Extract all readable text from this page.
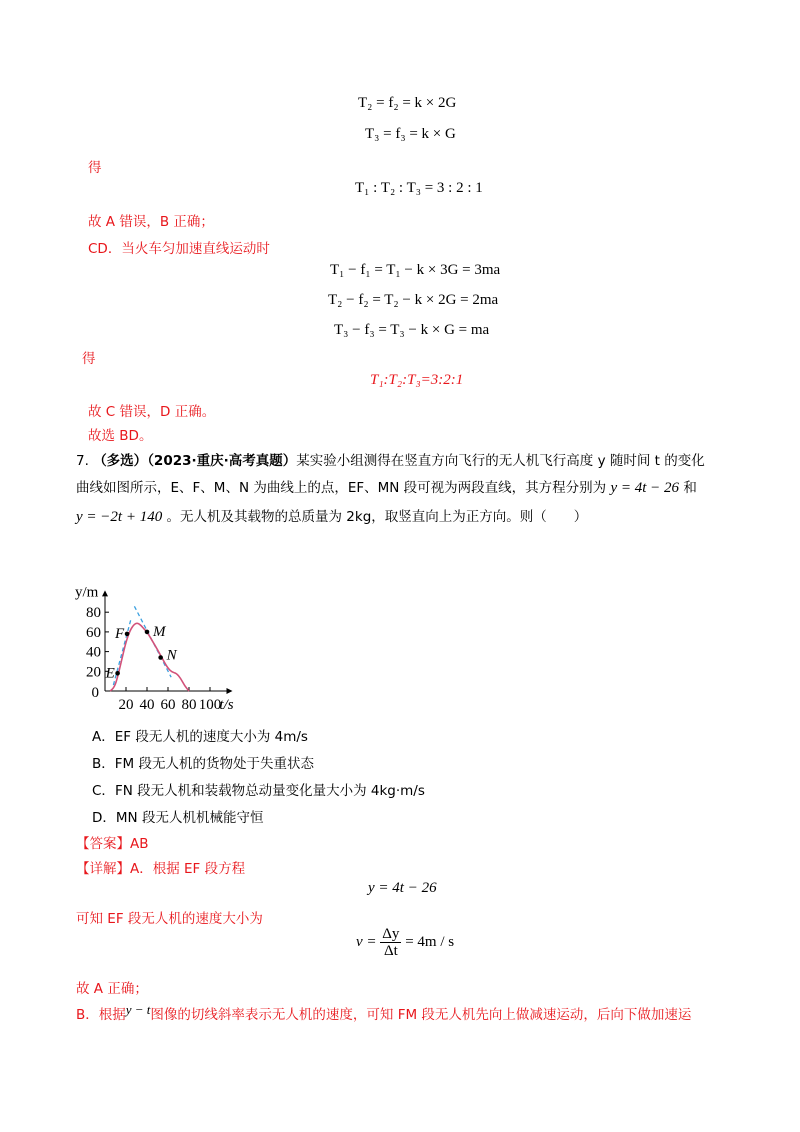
T₂ = f₂ = k × 2G
T₃ = f₃ = k × G
得
T₁ : T₂ : T₃ = 3 : 2 : 1
故 A 错误，B 正确；
CD．当火车匀加速直线运动时
T₁ − f₁ = T₁ − k × 3G = 3ma
T₂ − f₂ = T₂ − k × 2G = 2ma
T₃ − f₃ = T₃ − k × G = ma
得
T₁:T₂:T₃=3:2:1
故 C 错误，D 正确。
故选 BD。
7. （多选）（2023·重庆·高考真题）某实验小组测得在竖直方向飞行的无人机飞行高度 y 随时间 t 的变化
曲线如图所示，E、F、M、N 为曲线上的点，EF、MN 段可视为两段直线，其方程分别为 y = 4t − 26 和
y = −2t + 140 。无人机及其载物的总质量为 2kg，取竖直向上为正方向。则（　　）
20 40 60 80 100
20
40
60
80
0
t/s
y/m
E
F M
N
A．EF 段无人机的速度大小为 4m/s
B．FM 段无人机的货物处于失重状态
C．FN 段无人机和装载物总动量变化量大小为 4kg·m/s
D．MN 段无人机机械能守恒
【答案】AB
【详解】A．根据 EF 段方程
y = 4t − 26
可知 EF 段无人机的速度大小为
$v = \frac{\Delta y}{\Delta t} = 4m / s$
故 A 正确；
B．根据y − t图像的切线斜率表示无人机的速度，可知 FM 段无人机先向上做减速运动，后向下做加速运
